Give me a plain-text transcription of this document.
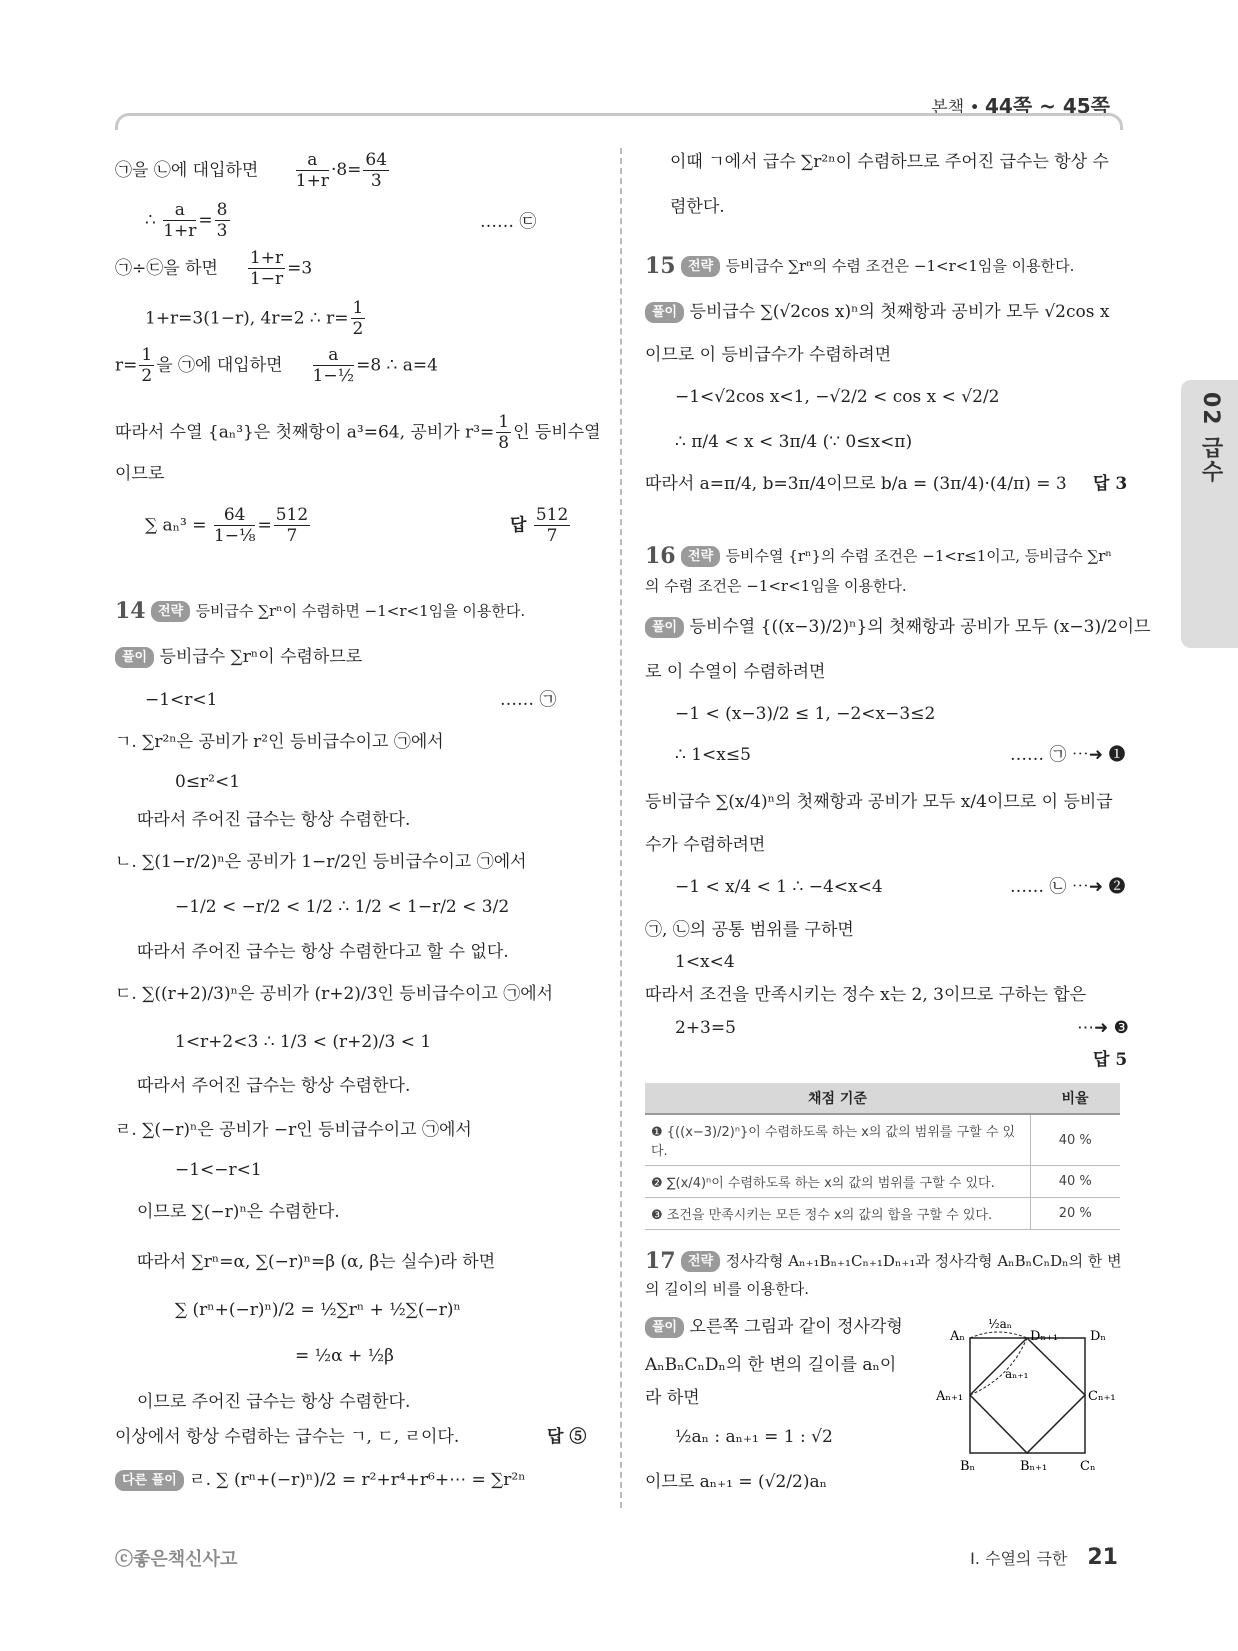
본책 • 44쪽 ~ 45쪽
02 급수
㉠을 ㉡에 대입하면 $\frac{a}{1+r} \cdot 8= \frac{64}{3}$
∴ $\frac{a}{1+r} = \frac{8}{3}$	…… ㉢
㉠÷㉢을 하면 $\frac{1+r}{1-r} =3$
1+r=3(1−r), 4r=2 ∴ $r= \frac{1}{2}$
$r= \frac{1}{2}$ 을 ㉠에 대입하면 $\frac{a}{\text{1−½}} =8$ ∴ a=4
따라서 수열 {aₙ³}은 첫째항이 a³=64, 공비가 $r^3= \frac{1}{8}$ 인 등비수열
이므로
∑ $a_n^3 = \frac{64}{\text{1−⅛}} = \frac{512}{7}$	답 $\frac{512}{7}$
14 전략 등비급수 ∑rⁿ이 수렴하면 −1<r<1임을 이용한다.
풀이 등비급수 ∑rⁿ이 수렴하므로
−1<r<1	…… ㉠
ㄱ. ∑r²ⁿ은 공비가 r²인 등비급수이고 ㉠에서
0≤r²<1
따라서 주어진 급수는 항상 수렴한다.
ㄴ. ∑(1−r/2)ⁿ은 공비가 1−r/2인 등비급수이고 ㉠에서
−1/2 < −r/2 < 1/2 ∴ 1/2 < 1−r/2 < 3/2
따라서 주어진 급수는 항상 수렴한다고 할 수 없다.
ㄷ. ∑((r+2)/3)ⁿ은 공비가 (r+2)/3인 등비급수이고 ㉠에서
1<r+2<3 ∴ 1/3 < (r+2)/3 < 1
따라서 주어진 급수는 항상 수렴한다.
ㄹ. ∑(−r)ⁿ은 공비가 −r인 등비급수이고 ㉠에서
−1<−r<1
이므로 ∑(−r)ⁿ은 수렴한다.
따라서 ∑rⁿ=α, ∑(−r)ⁿ=β (α, β는 실수)라 하면
∑ (rⁿ+(−r)ⁿ)/2 = ½∑rⁿ + ½∑(−r)ⁿ
= ½α + ½β
이므로 주어진 급수는 항상 수렴한다.
이상에서 항상 수렴하는 급수는 ㄱ, ㄷ, ㄹ이다.	답 ⑤
다른 풀이 ㄹ. ∑ (rⁿ+(−r)ⁿ)/2 = r²+r⁴+r⁶+⋯ = ∑r²ⁿ
이때 ㄱ에서 급수 ∑r²ⁿ이 수렴하므로 주어진 급수는 항상 수
렴한다.
15 전략 등비급수 ∑rⁿ의 수렴 조건은 −1<r<1임을 이용한다.
풀이 등비급수 ∑(√2cos x)ⁿ의 첫째항과 공비가 모두 √2cos x
이므로 이 등비급수가 수렴하려면
−1<√2cos x<1, −√2/2 < cos x < √2/2
∴ π/4 < x < 3π/4 (∵ 0≤x<π)
따라서 a=π/4, b=3π/4이므로 b/a = (3π/4)·(4/π) = 3 답 3
16 전략 등비수열 {rⁿ}의 수렴 조건은 −1<r≤1이고, 등비급수 ∑rⁿ
의 수렴 조건은 −1<r<1임을 이용한다.
풀이 등비수열 {((x−3)/2)ⁿ}의 첫째항과 공비가 모두 (x−3)/2이므
로 이 수열이 수렴하려면
−1 < (x−3)/2 ≤ 1, −2<x−3≤2
∴ 1<x≤5	…… ㉠ ⋯➜ ❶
등비급수 ∑(x/4)ⁿ의 첫째항과 공비가 모두 x/4이므로 이 등비급
수가 수렴하려면
−1 < x/4 < 1 ∴ −4<x<4	…… ㉡ ⋯➜ ❷
㉠, ㉡의 공통 범위를 구하면
1<x<4
따라서 조건을 만족시키는 정수 x는 2, 3이므로 구하는 합은
2+3=5	⋯➜ ❸
답 5
17 전략 정사각형 Aₙ₊₁Bₙ₊₁Cₙ₊₁Dₙ₊₁과 정사각형 AₙBₙCₙDₙ의 한 변
의 길이의 비를 이용한다.
풀이 오른쪽 그림과 같이 정사각형
AₙBₙCₙDₙ의 한 변의 길이를 aₙ이
라 하면
½aₙ : aₙ₊₁ = 1 : √2
이므로 aₙ₊₁ = (√2/2)aₙ
채점 기준	비율
❶ {((x−3)/2)ⁿ}이 수렴하도록 하는 x의 값의 범위를 구할 수 있다.	40 %
❷ ∑(x/4)ⁿ이 수렴하도록 하는 x의 값의 범위를 구할 수 있다.	40 %
❸ 조건을 만족시키는 모든 정수 x의 값의 합을 구할 수 있다.	20 %
Aₙ
½aₙ
Dₙ₊₁ Dₙ
aₙ₊₁
Aₙ₊₁	Cₙ₊₁
Bₙ	Bₙ₊₁	Cₙ
ⓒ좋은책신사고	Ⅰ. 수열의 극한 21
